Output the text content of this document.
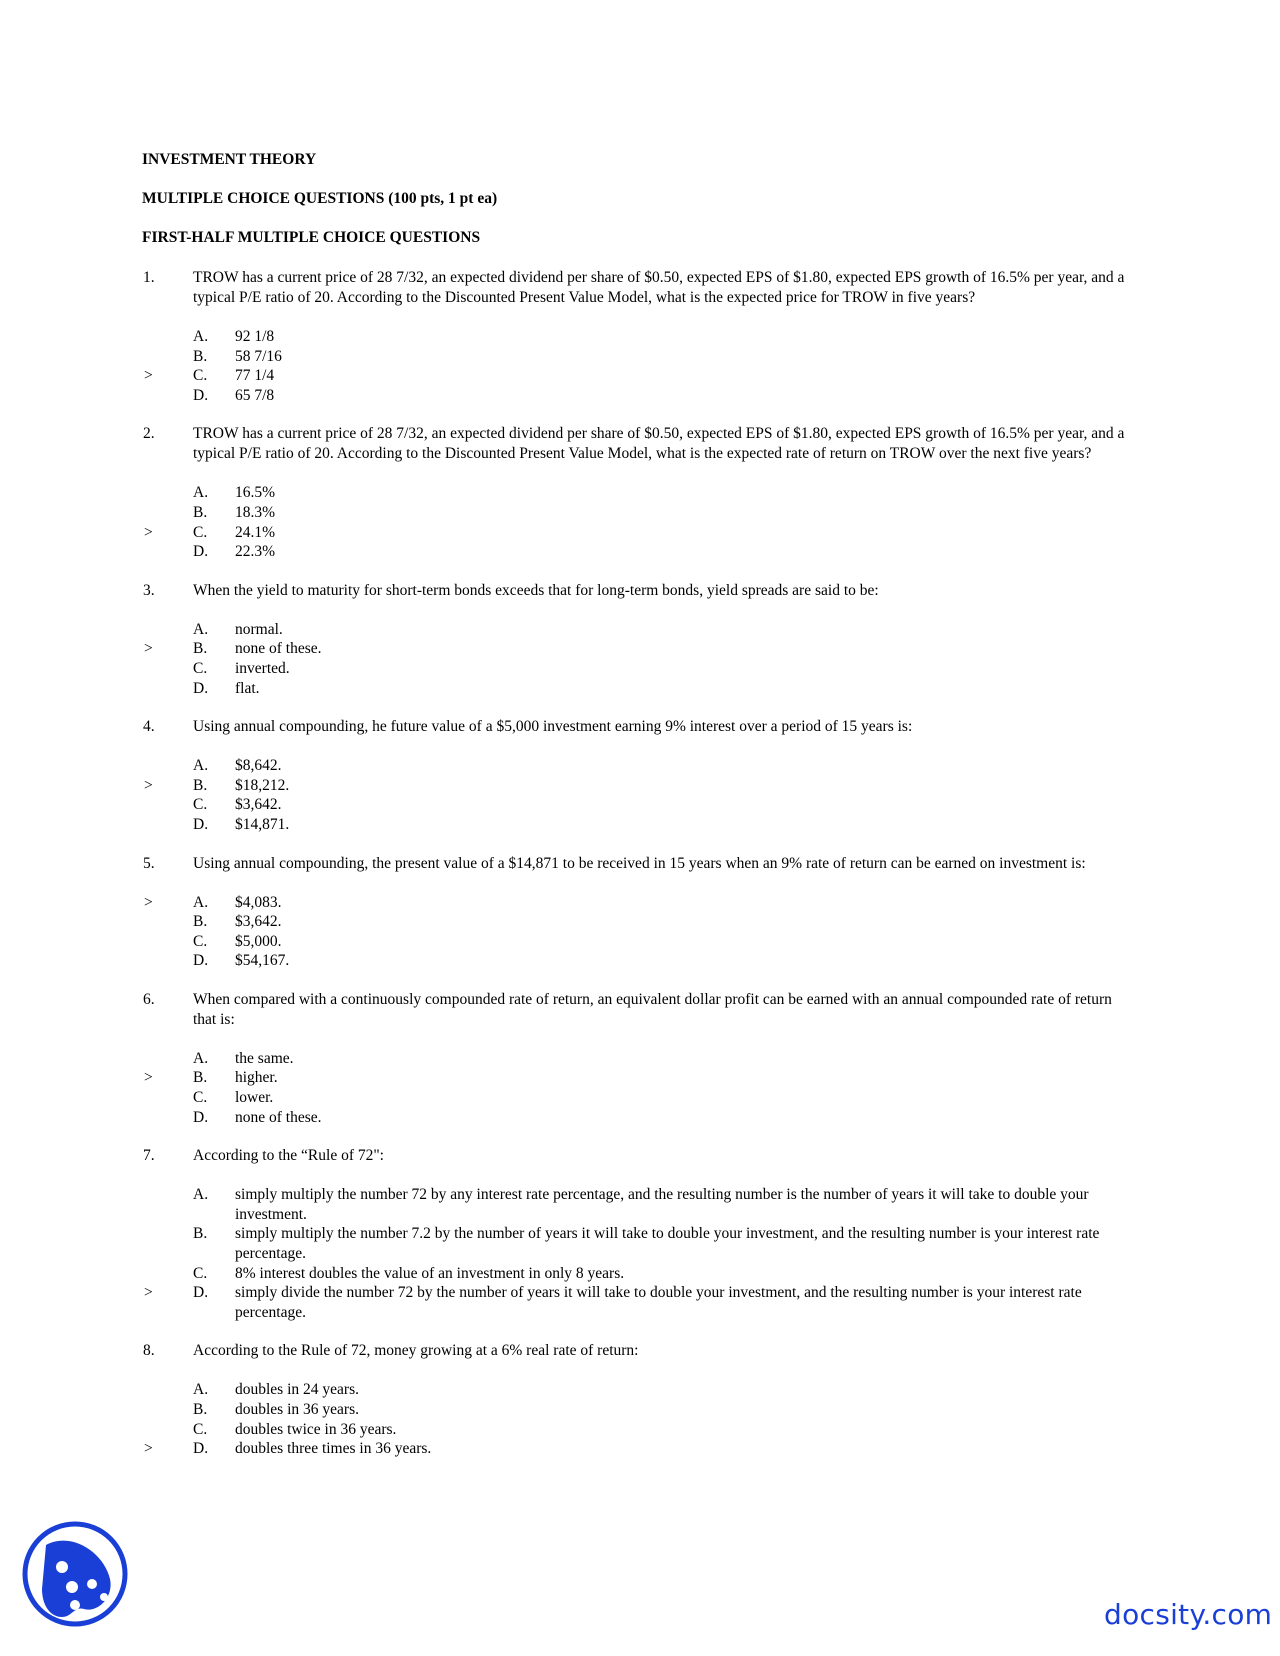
INVESTMENT THEORY
MULTIPLE CHOICE QUESTIONS (100 pts, 1 pt ea)
FIRST-HALF MULTIPLE CHOICE QUESTIONS
1. TROW has a current price of 28 7/32, an expected dividend per share of $0.50, expected EPS of $1.80, expected EPS growth of 16.5% per year, and a typical P/E ratio of 20. According to the Discounted Present Value Model, what is the expected price for TROW in five years?
A. 92 1/8
B. 58 7/16
>	C. 77 1/4
D. 65 7/8
2. TROW has a current price of 28 7/32, an expected dividend per share of $0.50, expected EPS of $1.80, expected EPS growth of 16.5% per year, and a typical P/E ratio of 20. According to the Discounted Present Value Model, what is the expected rate of return on TROW over the next five years?
A. 16.5%
B. 18.3%
>	C. 24.1%
D. 22.3%
3. When the yield to maturity for short-term bonds exceeds that for long-term bonds, yield spreads are said to be:
A. normal.
>	B. none of these.
C. inverted.
D. flat.
4. Using annual compounding, he future value of a $5,000 investment earning 9% interest over a period of 15 years is:
A. $8,642.
>	B. $18,212.
C. $3,642.
D. $14,871.
5. Using annual compounding, the present value of a $14,871 to be received in 15 years when an 9% rate of return can be earned on investment is:
>	A. $4,083.
B. $3,642.
C. $5,000.
D. $54,167.
6. When compared with a continuously compounded rate of return, an equivalent dollar profit can be earned with an annual compounded rate of return that is:
A. the same.
>	B. higher.
C. lower.
D. none of these.
7. According to the “Rule of 72":
A. simply multiply the number 72 by any interest rate percentage, and the resulting number is the number of years it will take to double your investment.
B. simply multiply the number 7.2 by the number of years it will take to double your investment, and the resulting number is your interest rate percentage.
C. 8% interest doubles the value of an investment in only 8 years.
>	D. simply divide the number 72 by the number of years it will take to double your investment, and the resulting number is your interest rate percentage.
8. According to the Rule of 72, money growing at a 6% real rate of return:
A. doubles in 24 years.
B. doubles in 36 years.
C. doubles twice in 36 years.
>	D. doubles three times in 36 years.
docsity.com
